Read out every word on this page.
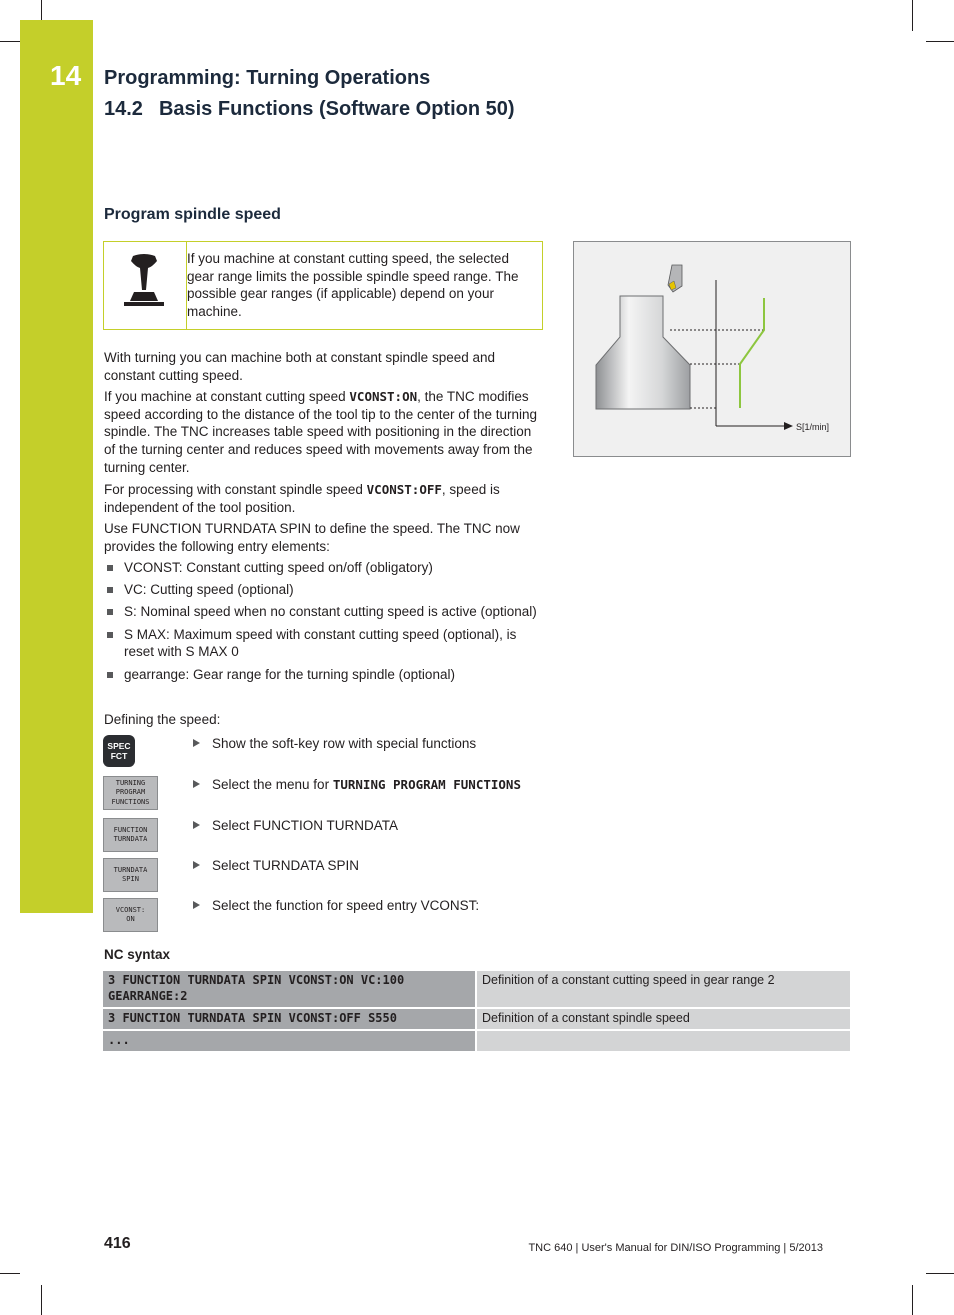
14 Programming: Turning Operations
14.2 Basis Functions (Software Option 50)
Program spindle speed
If you machine at constant cutting speed, the selected gear range limits the possible spindle speed range. The possible gear ranges (if applicable) depend on your machine.
With turning you can machine both at constant spindle speed and constant cutting speed.
If you machine at constant cutting speed VCONST:ON, the TNC modifies speed according to the distance of the tool tip to the center of the turning spindle. The TNC increases table speed with positioning in the direction of the turning center and reduces speed with movements away from the turning center.
For processing with constant spindle speed VCONST:OFF, speed is independent of the tool position.
Use FUNCTION TURNDATA SPIN to define the speed. The TNC now provides the following entry elements:
VCONST: Constant cutting speed on/off (obligatory)
VC: Cutting speed (optional)
S: Nominal speed when no constant cutting speed is active (optional)
S MAX: Maximum speed with constant cutting speed (optional), is reset with S MAX 0
gearrange: Gear range for the turning spindle (optional)
S[1/min]
Defining the speed:
SPEC
FCT
Show the soft-key row with special functions
TURNING
PROGRAM
FUNCTIONS
Select the menu for TURNING PROGRAM FUNCTIONS
FUNCTION
TURNDATA
Select FUNCTION TURNDATA
TURNDATA
SPIN
Select TURNDATA SPIN
VCONST:
ON
Select the function for speed entry VCONST:
NC syntax
3 FUNCTION TURNDATA SPIN VCONST:ON VC:100 GEARRANGE:2	Definition of a constant cutting speed in gear range 2
3 FUNCTION TURNDATA SPIN VCONST:OFF S550	Definition of a constant spindle speed
...	
416	TNC 640 | User's Manual for DIN/ISO Programming | 5/2013
